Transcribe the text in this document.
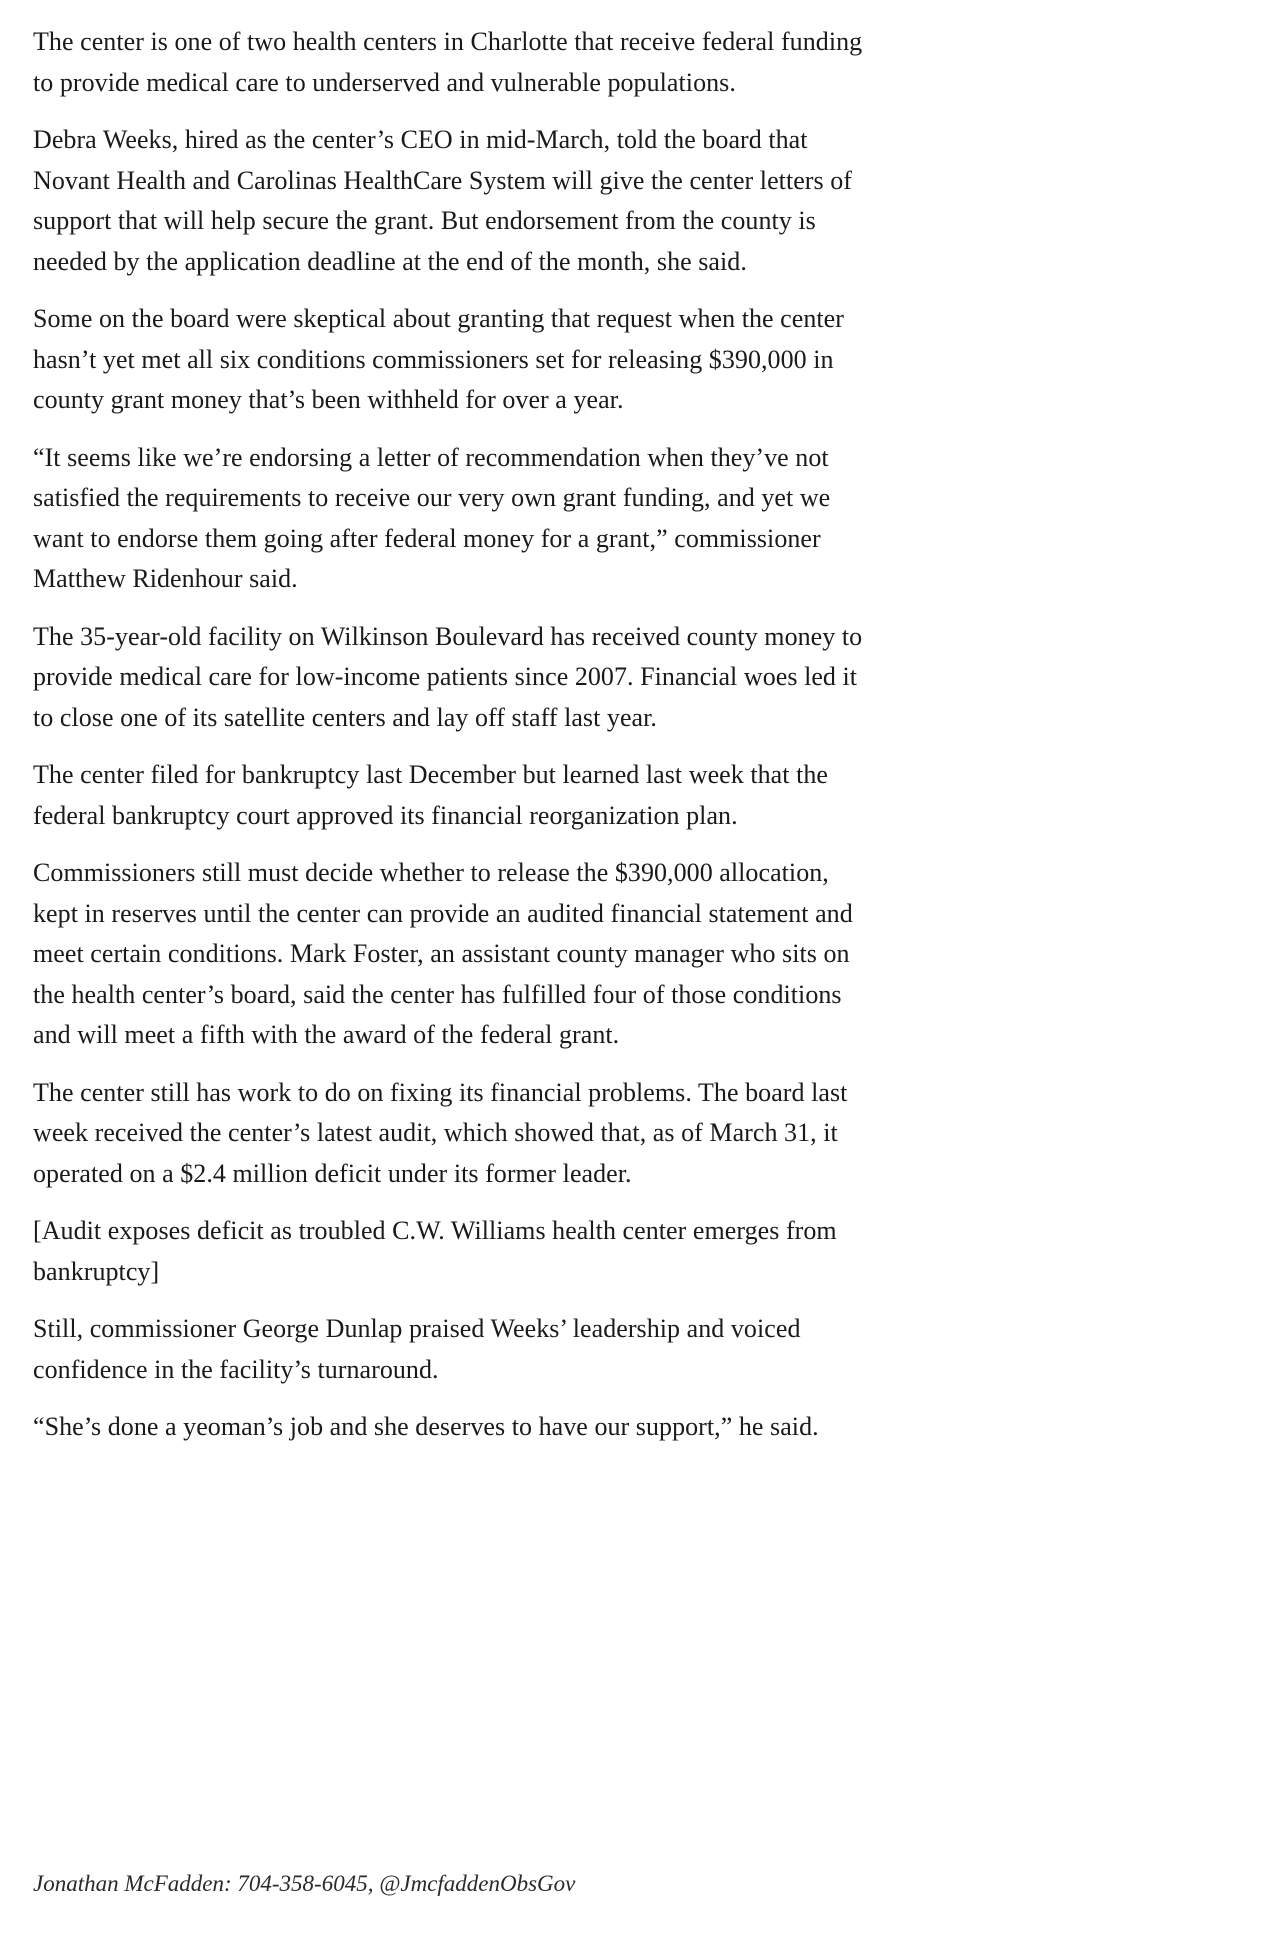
The center is one of two health centers in Charlotte that receive federal funding to provide medical care to underserved and vulnerable populations.

Debra Weeks, hired as the center’s CEO in mid-March, told the board that Novant Health and Carolinas HealthCare System will give the center letters of support that will help secure the grant. But endorsement from the county is needed by the application deadline at the end of the month, she said.

Some on the board were skeptical about granting that request when the center hasn’t yet met all six conditions commissioners set for releasing $390,000 in county grant money that’s been withheld for over a year.

“It seems like we’re endorsing a letter of recommendation when they’ve not satisfied the requirements to receive our very own grant funding, and yet we want to endorse them going after federal money for a grant,” commissioner Matthew Ridenhour said.

The 35-year-old facility on Wilkinson Boulevard has received county money to provide medical care for low-income patients since 2007. Financial woes led it to close one of its satellite centers and lay off staff last year.

The center filed for bankruptcy last December but learned last week that the federal bankruptcy court approved its financial reorganization plan.

Commissioners still must decide whether to release the $390,000 allocation, kept in reserves until the center can provide an audited financial statement and meet certain conditions. Mark Foster, an assistant county manager who sits on the health center’s board, said the center has fulfilled four of those conditions and will meet a fifth with the award of the federal grant.

The center still has work to do on fixing its financial problems. The board last week received the center’s latest audit, which showed that, as of March 31, it operated on a $2.4 million deficit under its former leader.

[Audit exposes deficit as troubled C.W. Williams health center emerges from bankruptcy]

Still, commissioner George Dunlap praised Weeks’ leadership and voiced confidence in the facility’s turnaround.

“She’s done a yeoman’s job and she deserves to have our support,” he said.

Jonathan McFadden: 704-358-6045, @JmcfaddenObsGov
